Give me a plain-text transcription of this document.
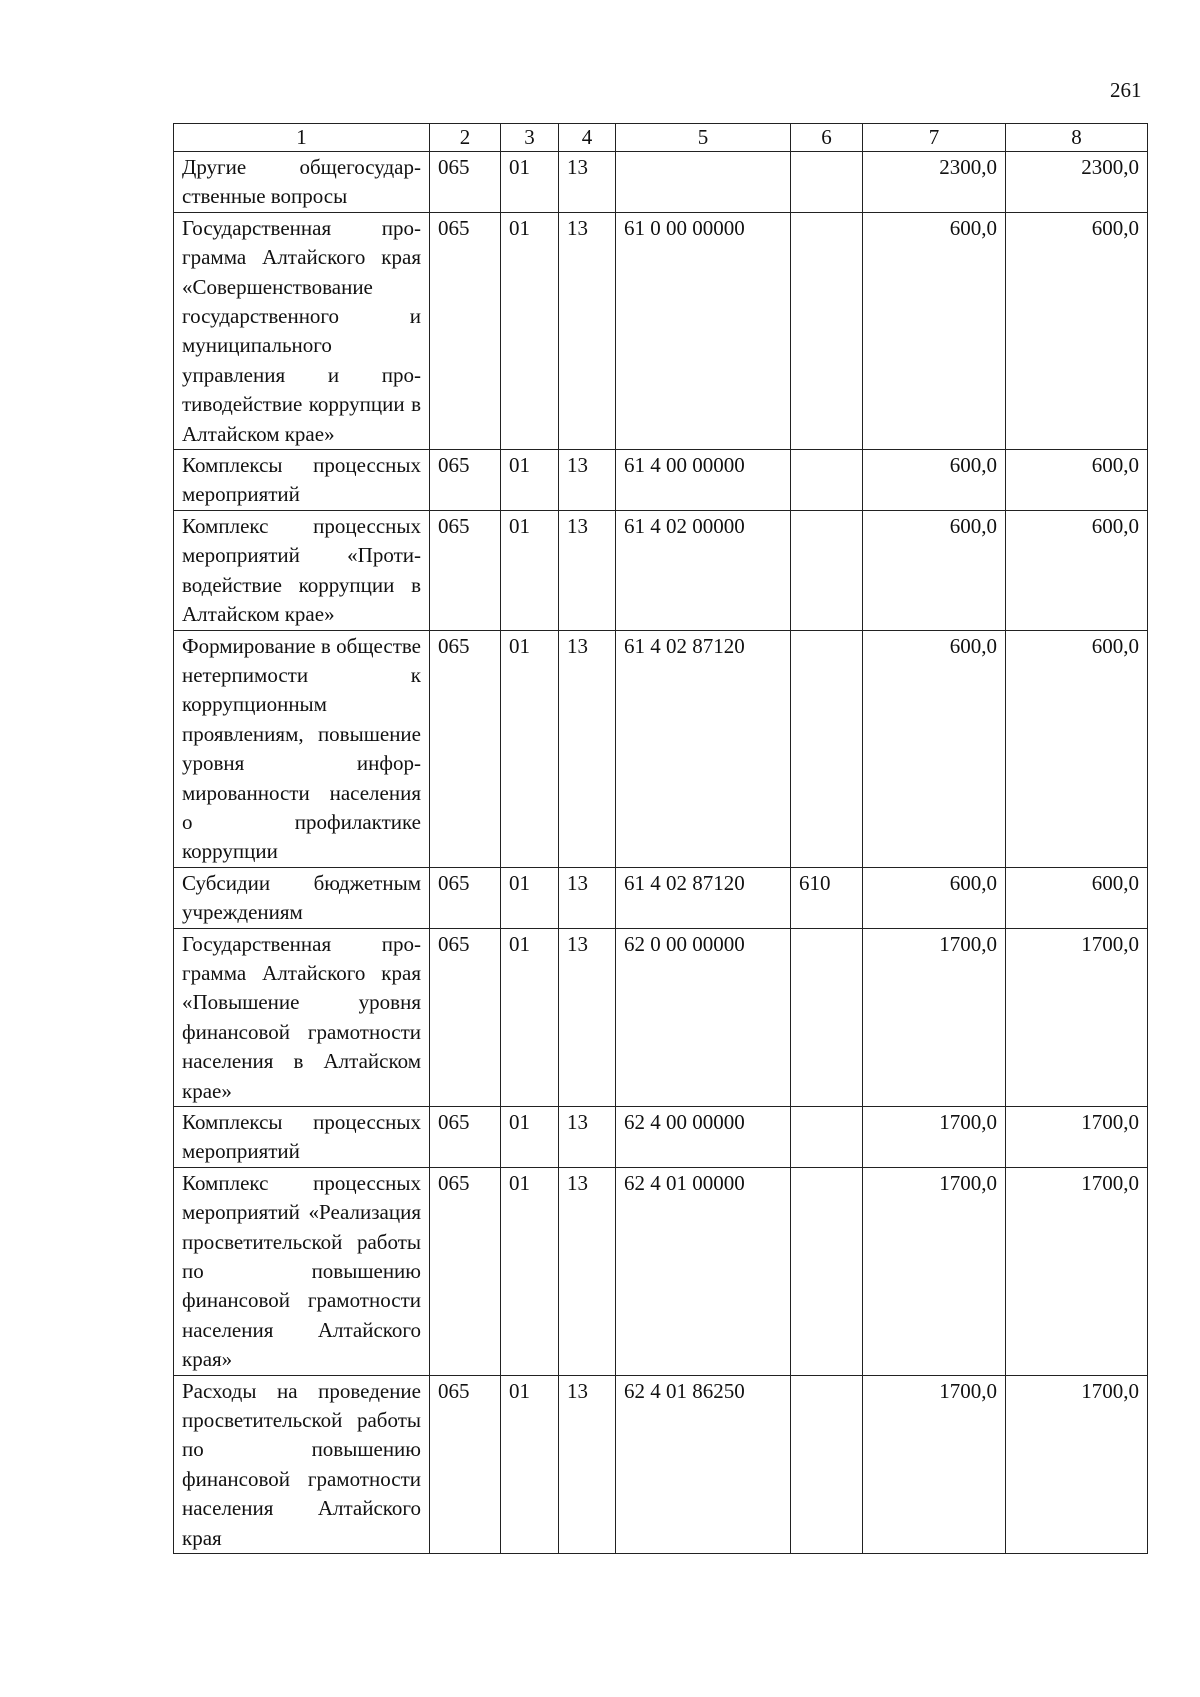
261
1	2	3	4	5	6	7	8
Другие общегосударственные вопросы	065	01	13			2300,0	2300,0
Государственная программа Алтайского края «Совершенствование государственного и муниципального управления и противодействие коррупции в Алтайском крае»	065	01	13	61 0 00 00000		600,0	600,0
Комплексы процессных мероприятий	065	01	13	61 4 00 00000		600,0	600,0
Комплекс процессных мероприятий «Противодействие коррупции в Алтайском крае»	065	01	13	61 4 02 00000		600,0	600,0
Формирование в обществе нетерпимости к коррупционным проявлениям, повышение уровня информированности населения о профилактике коррупции	065	01	13	61 4 02 87120		600,0	600,0
Субсидии бюджетным учреждениям	065	01	13	61 4 02 87120	610	600,0	600,0
Государственная программа Алтайского края «Повышение уровня финансовой грамотности населения в Алтайском крае»	065	01	13	62 0 00 00000		1700,0	1700,0
Комплексы процессных мероприятий	065	01	13	62 4 00 00000		1700,0	1700,0
Комплекс процессных мероприятий «Реализация просветительской работы по повышению финансовой грамотности населения Алтайского края»	065	01	13	62 4 01 00000		1700,0	1700,0
Расходы на проведение просветительской работы по повышению финансовой грамотности населения Алтайского края	065	01	13	62 4 01 86250		1700,0	1700,0
